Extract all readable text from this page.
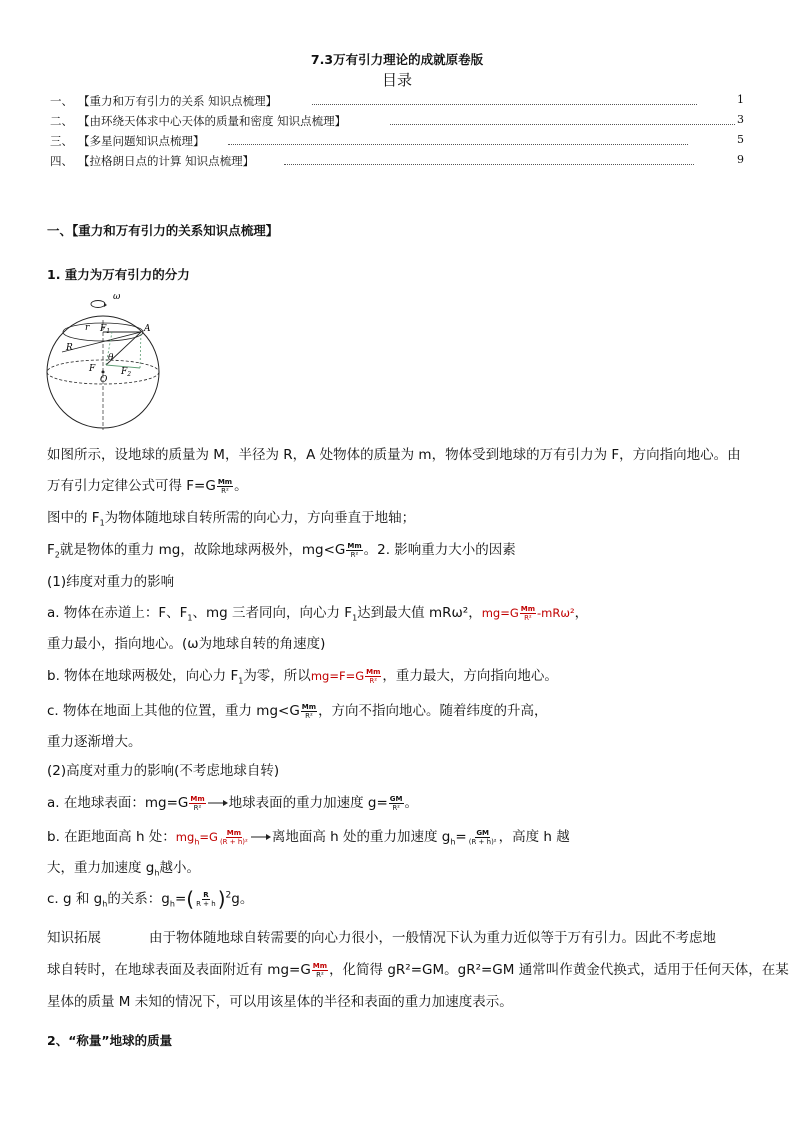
7.3万有引力理论的成就原卷版
目录
一、 【重力和万有引力的关系 知识点梳理】	1
二、 【由环绕天体求中心天体的质量和密度 知识点梳理】	3
三、 【多星问题知识点梳理】	5
四、 【拉格朗日点的计算 知识点梳理】	9
一、【重力和万有引力的关系知识点梳理】
1. 重力为万有引力的分力
ω
$F_1$	A
r
R
θ
F
O
$F_2$
如图所示，设地球的质量为 M，半径为 R，A 处物体的质量为 m，物体受到地球的万有引力为 F，方向指向地心。由
万有引力定律公式可得 $F=G \frac{Mm}{\text{R²}}$ 。
图中的 $F_1$为物体随地球自转所需的向心力，方向垂直于地轴；
$F_2$就是物体的重力 mg，故除地球两极外，$mg<G \frac{Mm}{\text{R²}}$ 。2. 影响重力大小的因素
(1)纬度对重力的影响
a. 物体在赤道上：F、$F_1$、mg 三者同向，向心力 $F_1$达到最大值 mRω²，$mg=G \frac{Mm}{\text{R²}} -mR\omega^2$，
重力最小，指向地心。(ω为地球自转的角速度)
b. 物体在地球两极处，向心力 $F_1$为零，所以$mg=F=G \frac{Mm}{\text{R²}}$ ，重力最大，方向指向地心。
c. 物体在地面上其他的位置，重力 $mg<G \frac{Mm}{\text{R²}}$ ，方向不指向地心。随着纬度的升高，
重力逐渐增大。
(2)高度对重力的影响(不考虑地球自转)
a. 在地球表面：$mg=G \frac{Mm}{\text{R²}}$ 地球表面的重力加速度 $g= \frac{GM}{\text{R²}}$ 。
b. 在距地面高 h 处：$mg_h=G \frac{Mm}{\text{(R + h)²}}$ 离地面高 h 处的重力加速度 $g_h= \frac{GM}{\text{(R + h)²}}$ ，高度 h 越
大，重力加速度 $g_h$越小。
c. g 和 $g_h$的关系：$g_h=( \frac{R}{R + h} )^2g$。
知识拓展	由于物体随地球自转需要的向心力很小，一般情况下认为重力近似等于万有引力。因此不考虑地
球自转时，在地球表面及表面附近有 $mg=G \frac{Mm}{\text{R²}}$ ，化简得 gR²=GM。gR²=GM 通常叫作黄金代换式，适用于任何天体，在某
星体的质量 M 未知的情况下，可以用该星体的半径和表面的重力加速度表示。
2、“称量”地球的质量
